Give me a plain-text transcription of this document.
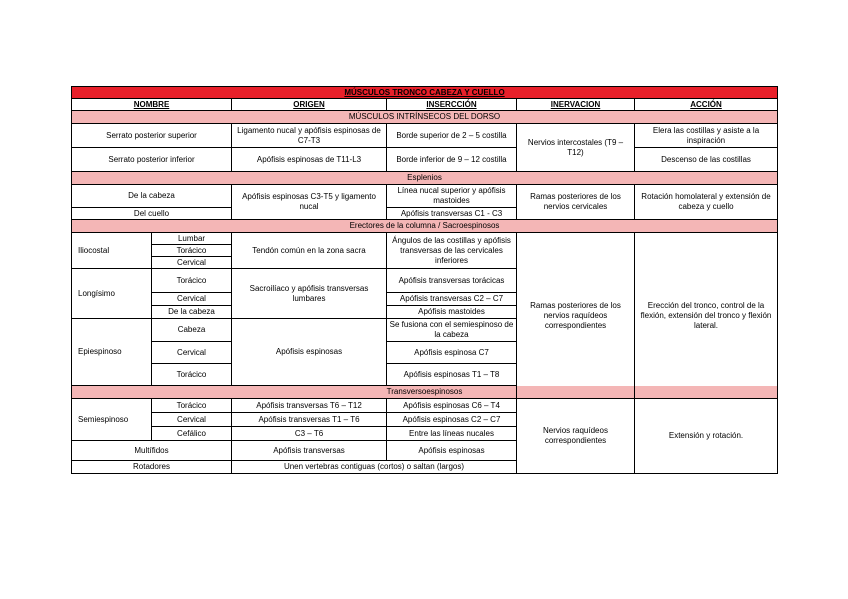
MÚSCULOS TRONCO CABEZA Y CUELLO					
NOMBRE		ORIGEN	INSERCCIÓN	INERVACION	ACCIÓN
MÚSCULOS INTRÍNSECOS DEL DORSO					
Serrato posterior superior		Ligamento nucal y apófisis espinosas de C7-T3	Borde superior de 2 – 5 costilla	Nervios intercostales (T9 – T12)	Elera las costillas y asiste a la inspiración
Serrato posterior inferior		Apófisis espinosas de T11-L3	Borde inferior de 9 – 12 costilla		Descenso de las costillas
Esplenios					
De la cabeza		Apófisis espinosas C3-T5 y ligamento nucal	Línea nucal superior y apófisis mastoides	Ramas posteriores de los nervios cervicales	Rotación homolateral y extensión de cabeza y cuello
Del cuello			Apófisis transversas C1 - C3		
Erectores de la columna / Sacroespinosos					
Iliocostal	Lumbar	Tendón común en la zona sacra	Ángulos de las costillas y apófisis transversas de las cervicales inferiores	Ramas posteriores de los nervios raquídeos correspondientes	Erección del tronco, control de la flexión, extensión del tronco y flexión lateral.
	Torácico				
	Cervical				
Longísimo	Torácico	Sacroilíaco y apófisis transversas lumbares	Apófisis transversas torácicas		
	Cervical		Apófisis transversas C2 – C7		
	De la cabeza		Apófisis mastoides		
Epiespinoso	Cabeza	Apófisis espinosas	Se fusiona con el semiespinoso de la cabeza		
	Cervical		Apófisis espinosa C7		
	Torácico		Apófisis espinosas T1 – T8		
Transversoespinosos					
Semiespinoso	Torácico	Apófisis transversas T6 – T12	Apófisis espinosas C6 – T4	Nervios raquídeos correspondientes	Extensión y rotación.
	Cervical	Apófisis transversas T1 – T6	Apófisis espinosas C2 – C7		
	Cefálico	C3 – T6	Entre las líneas nucales		
Multífidos		Apófisis transversas	Apófisis espinosas		
Rotadores		Unen vertebras contiguas (cortos) o saltan (largos)			
